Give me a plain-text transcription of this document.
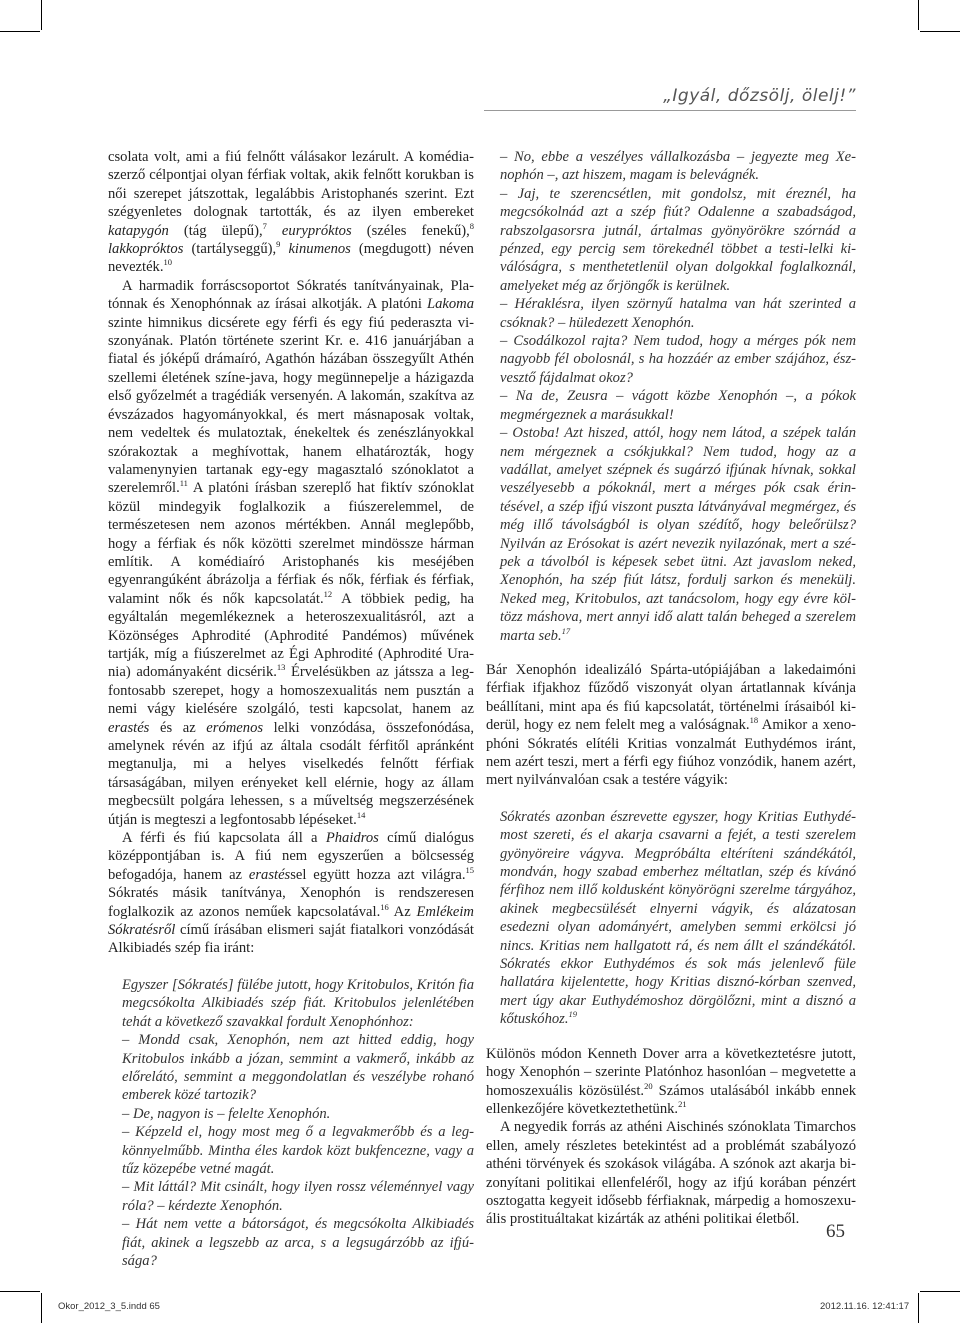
„Igyál, dőzsölj, ölelj!”

csolata volt, ami a fiú felnőtt válásakor lezárult. A komédiaszerző célpontjai olyan férfiak voltak, akik felnőtt korukban is női szerepet játszottak, legalábbis Aristophanés szerint. Ezt szégyenletes dolognak tartották, és az ilyen embereket katapygón (tág ülepű),$^7$ eurypróktos (széles fenekű),$^8$ lakkopróktos (tartályseggű),$^9$ kinumenos (megdugott) néven nevezték.$^{10}$

A harmadik forráscsoportot Sókratés tanítványainak, Platónnak és Xenophónnak az írásai alkotják. A platóni Lakoma szinte himnikus dicsérete egy férfi és egy fiú pederaszta viszonyának. Platón története szerint Kr. e. 416 januárjában a fiatal és jóképű drámaíró, Agathón házában összegyűlt Athén szellemi életének színe-java, hogy megünnepelje a házigazda első győzelmét a tragédiák versenyén. A lakomán, szakítva az évszázados hagyományokkal, és mert másnaposak voltak, nem vedeltek és mulatoztak, énekeltek és zenészlányokkal szórakoztak a meghívottak, hanem elhatározták, hogy valamenynyien tartanak egy-egy magasztaló szónoklatot a szerelemről.$^{11}$ A platóni írásban szereplő hat fiktív szónoklat közül mindegyik foglalkozik a fiúszerelemmel, de természetesen nem azonos mértékben. Annál meglepőbb, hogy a férfiak és nők közötti szerelmet mindössze hárman említik. A komédiaíró Aristophanés kis meséjében egyenrangúként ábrázolja a férfiak és nők, férfiak és férfiak, valamint nők és nők kapcsolatát.$^{12}$ A többiek pedig, ha egyáltalán megemlékeznek a heteroszexualitásról, azt a Közönséges Aphrodité (Aphrodité Pandémos) művének tartják, míg a fiúszerelmet az Égi Aphrodité (Aphrodité Urania) adományaként dicsérik.$^{13}$ Érvelésükben az játssza a legfontosabb szerepet, hogy a homoszexualitás nem pusztán a nemi vágy kielésére szolgáló, testi kapcsolat, hanem az erastés és az erómenos lelki vonzódása, összefonódása, amelynek révén az ifjú az általa csodált férfitől apránként megtanulja, mi a helyes viselkedés felnőtt férfiak társaságában, milyen erényeket kell elérnie, hogy az állam megbecsült polgára lehessen, s a műveltség megszerzésének útján is megteszi a legfontosabb lépéseket.$^{14}$

A férfi és fiú kapcsolata áll a Phaidros című dialógus középpontjában is. A fiú nem egyszerűen a bölcsesség befogadója, hanem az erastéssel együtt hozza azt világra.$^{15}$ Sókratés másik tanítványa, Xenophón is rendszeresen foglalkozik az azonos neműek kapcsolatával.$^{16}$ Az Emlékeim Sókratésről című írásában elismeri saját fiatalkori vonzódását Alkibiadés szép fia iránt:

Egyszer [Sókratés] fülébe jutott, hogy Kritobulos, Kritón fia megcsókolta Alkibiadés szép fiát. Kritobulos jelenlétében tehát a következő szavakkal fordult Xenophónhoz:

– Mondd csak, Xenophón, nem azt hitted eddig, hogy Kritobulos inkább a józan, semmint a vakmerő, inkább az előrelátó, semmint a meggondolatlan és veszélybe rohanó emberek közé tartozik?

– De, nagyon is – felelte Xenophón.

– Képzeld el, hogy most meg ő a legvakmerőbb és a legkönnyelműbb. Mintha éles kardok közt bukfencezne, vagy a tűz közepébe vetné magát.

– Mit láttál? Mit csinált, hogy ilyen rossz véleménnyel vagy róla? – kérdezte Xenophón.

– Hát nem vette a bátorságot, és megcsókolta Alkibiadés fiát, akinek a legszebb az arca, s a legsugárzóbb az ifjúsága?

– No, ebbe a veszélyes vállalkozásba – jegyezte meg Xenophón –, azt hiszem, magam is belevágnék.

– Jaj, te szerencsétlen, mit gondolsz, mit éreznél, ha megcsókolnád azt a szép fiút? Odalenne a szabadságod, rabszolgasorsra jutnál, ártalmas gyönyörökre szórnád a pénzed, egy percig sem törekednél többet a testi-lelki kiválóságra, s menthetetlenül olyan dolgokkal foglalkoznál, amelyeket még az őrjöngők is kerülnek.

– Héraklésra, ilyen szörnyű hatalma van hát szerinted a csóknak? – hüledezett Xenophón.

– Csodálkozol rajta? Nem tudod, hogy a mérges pók nem nagyobb fél obolosnál, s ha hozzáér az ember szájához, észvesztő fájdalmat okoz?

– Na de, Zeusra – vágott közbe Xenophón –, a pókok megmérgeznek a marásukkal!

– Ostoba! Azt hiszed, attól, hogy nem látod, a szépek talán nem mérgeznek a csókjukkal? Nem tudod, hogy az a vadállat, amelyet szépnek és sugárzó ifjúnak hívnak, sokkal veszélyesebb a pókoknál, mert a mérges pók csak érintésével, a szép ifjú viszont puszta látványával megmérgez, és még illő távolságból is olyan szédítő, hogy beleőrülsz? Nyilván az Erósokat is azért nevezik nyilazónak, mert a szépek a távolból is képesek sebet ütni. Azt javaslom neked, Xenophón, ha szép fiút látsz, fordulj sarkon és menekülj. Neked meg, Kritobulos, azt tanácsolom, hogy egy évre költözz máshova, mert annyi idő alatt talán beheged a szerelem marta seb.$^{17}$

Bár Xenophón idealizáló Spárta-utópiájában a lakedaimóni férfiak ifjakhoz fűződő viszonyát olyan ártatlannak kívánja beállítani, mint apa és fiú kapcsolatát, történelmi írásaiból kiderül, hogy ez nem felelt meg a valóságnak.$^{18}$ Amikor a xenophóni Sókratés elítéli Kritias vonzalmát Euthydémos iránt, nem azért teszi, mert a férfi egy fiúhoz vonzódik, hanem azért, mert nyilvánvalóan csak a testére vágyik:

Sókratés azonban észrevette egyszer, hogy Kritias Euthydémost szereti, és el akarja csavarni a fejét, a testi szerelem gyönyöreire vágyva. Megpróbálta eltéríteni szándékától, mondván, hogy szabad emberhez méltatlan, szép és kívánó férfihoz nem illő koldusként könyörögni szerelme tárgyához, akinek megbecsülését elnyerni vágyik, és alázatosan esedezni olyan adományért, amelyben semmi erkölcsi jó nincs. Kritias nem hallgatott rá, és nem állt el szándékától. Sókratés ekkor Euthydémos és sok más jelenlevő füle hallatára kijelentette, hogy Kritias disznó-kórban szenved, mert úgy akar Euthydémoshoz dörgölőzni, mint a disznó a kőtuskóhoz.$^{19}$

Különös módon Kenneth Dover arra a következtetésre jutott, hogy Xenophón – szerinte Platónhoz hasonlóan – megvetette a homoszexuális közösülést.$^{20}$ Számos utalásából inkább ennek ellenkezőjére következtethetünk.$^{21}$

A negyedik forrás az athéni Aischinés szónoklata Timarchos ellen, amely részletes betekintést ad a problémát szabályozó athéni törvények és szokások világába. A szónok azt akarja bizonyítani politikai ellenfeléről, hogy az ifjú korában pénzért osztogatta kegyeit idősebb férfiaknak, márpedig a homoszexuális prostituáltakat kizárták az athéni politikai életből.

65
Okor_2012_3_5.indd 65	2012.11.16. 12:41:17
